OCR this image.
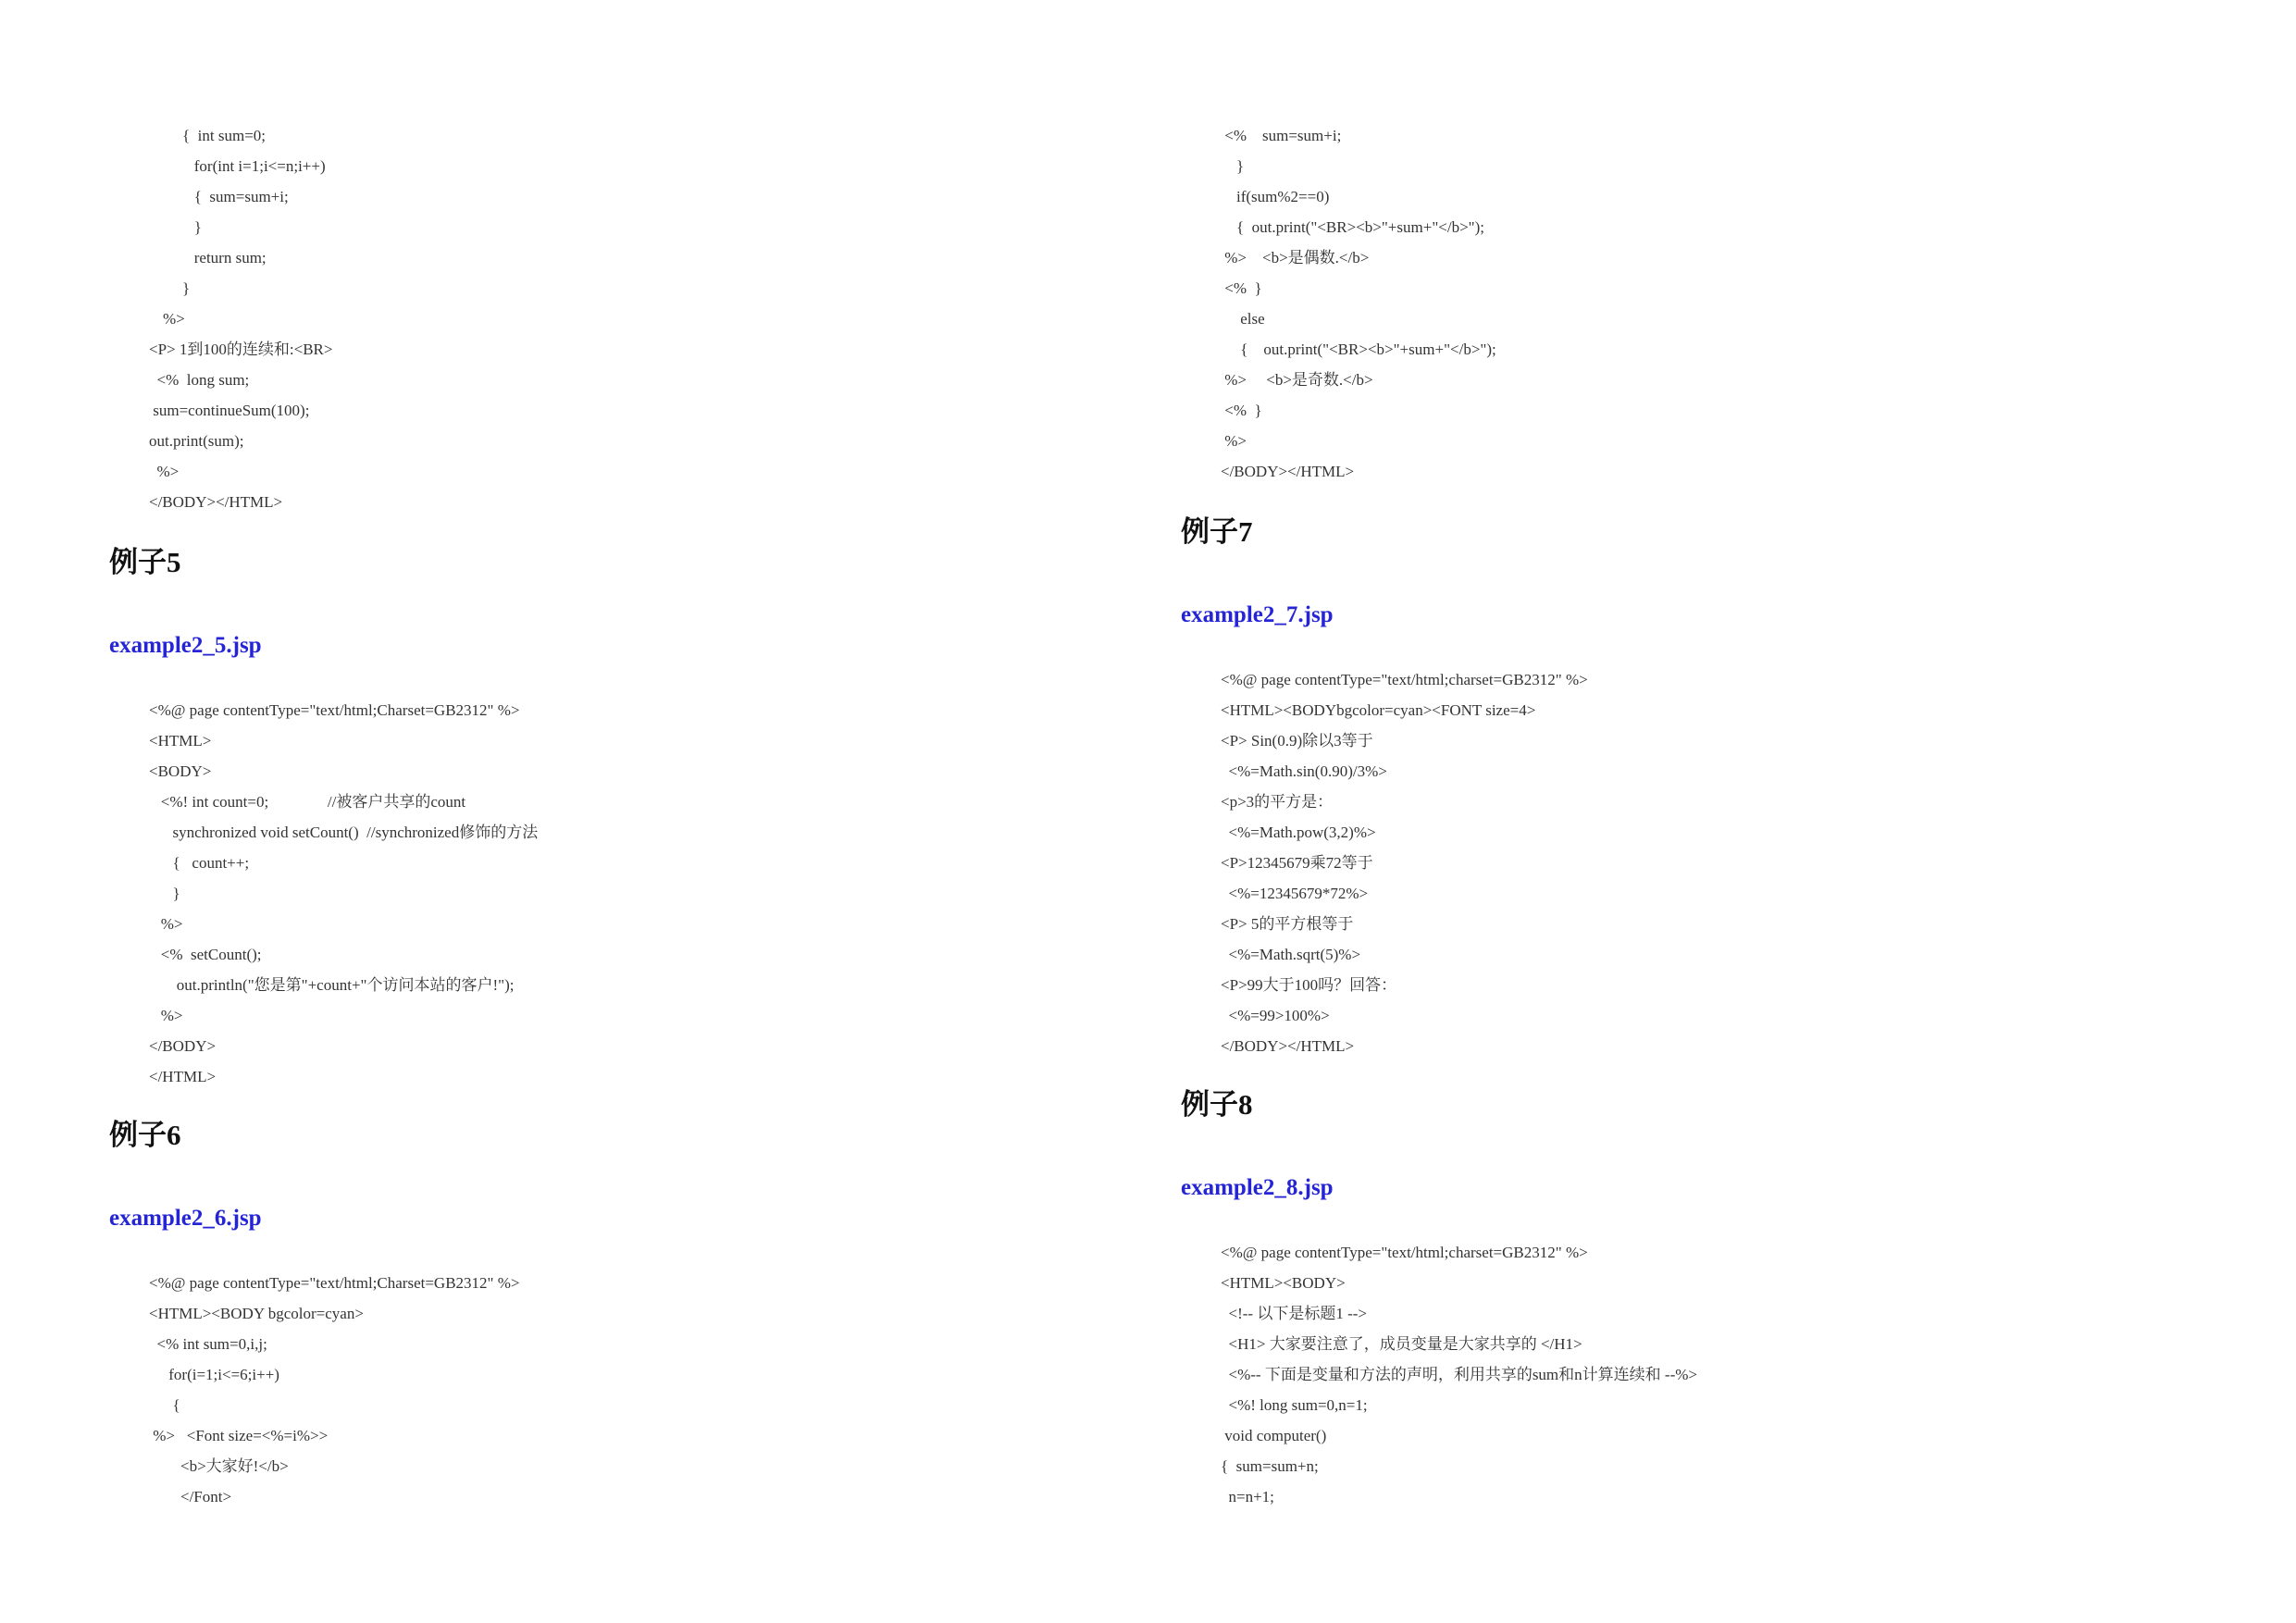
{  int sum=0;
for(int i=1;i<=n;i++)
{  sum=sum+i;
}
return sum;
}
%>
<P> 1到100的连续和:<BR>
<%  long sum;
sum=continueSum(100);
out.print(sum);
%>
</BODY></HTML>
例子5
example2_5.jsp
<%@ page contentType="text/html;Charset=GB2312" %>
<HTML>
<BODY>
<%! int count=0;               //被客户共享的count
synchronized void setCount()  //synchronized修饰的方法
{   count++;
}
%>
<%  setCount();
out.println("您是第"+count+"个访问本站的客户!");
%>
</BODY>
</HTML>
例子6
example2_6.jsp
<%@ page contentType="text/html;Charset=GB2312" %>
<HTML><BODY bgcolor=cyan>
<% int sum=0,i,j;
for(i=1;i<=6;i++)
{
%>   <Font size=<%=i%>>
<b>大家好!</b>
</Font>
<%    sum=sum+i;
}
if(sum%2==0)
{  out.print("<BR><b>"+sum+"</b>");
%>    <b>是偶数.</b>
<%  }
else
{    out.print("<BR><b>"+sum+"</b>");
%>     <b>是奇数.</b>
<%  }
%>
</BODY></HTML>
例子7
example2_7.jsp
<%@ page contentType="text/html;charset=GB2312" %>
<HTML><BODYbgcolor=cyan><FONT size=4>
<P> Sin(0.9)除以3等于
<%=Math.sin(0.90)/3%>
<p>3的平方是：
<%=Math.pow(3,2)%>
<P>12345679乘72等于
<%=12345679*72%>
<P> 5的平方根等于
<%=Math.sqrt(5)%>
<P>99大于100吗？回答：
<%=99>100%>
</BODY></HTML>
例子8
example2_8.jsp
<%@ page contentType="text/html;charset=GB2312" %>
<HTML><BODY>
<!-- 以下是标题1 -->
<H1> 大家要注意了，成员变量是大家共享的 </H1>
<%-- 下面是变量和方法的声明，利用共享的sum和n计算连续和 --%>
<%! long sum=0,n=1;
void computer()
{  sum=sum+n;
n=n+1;
